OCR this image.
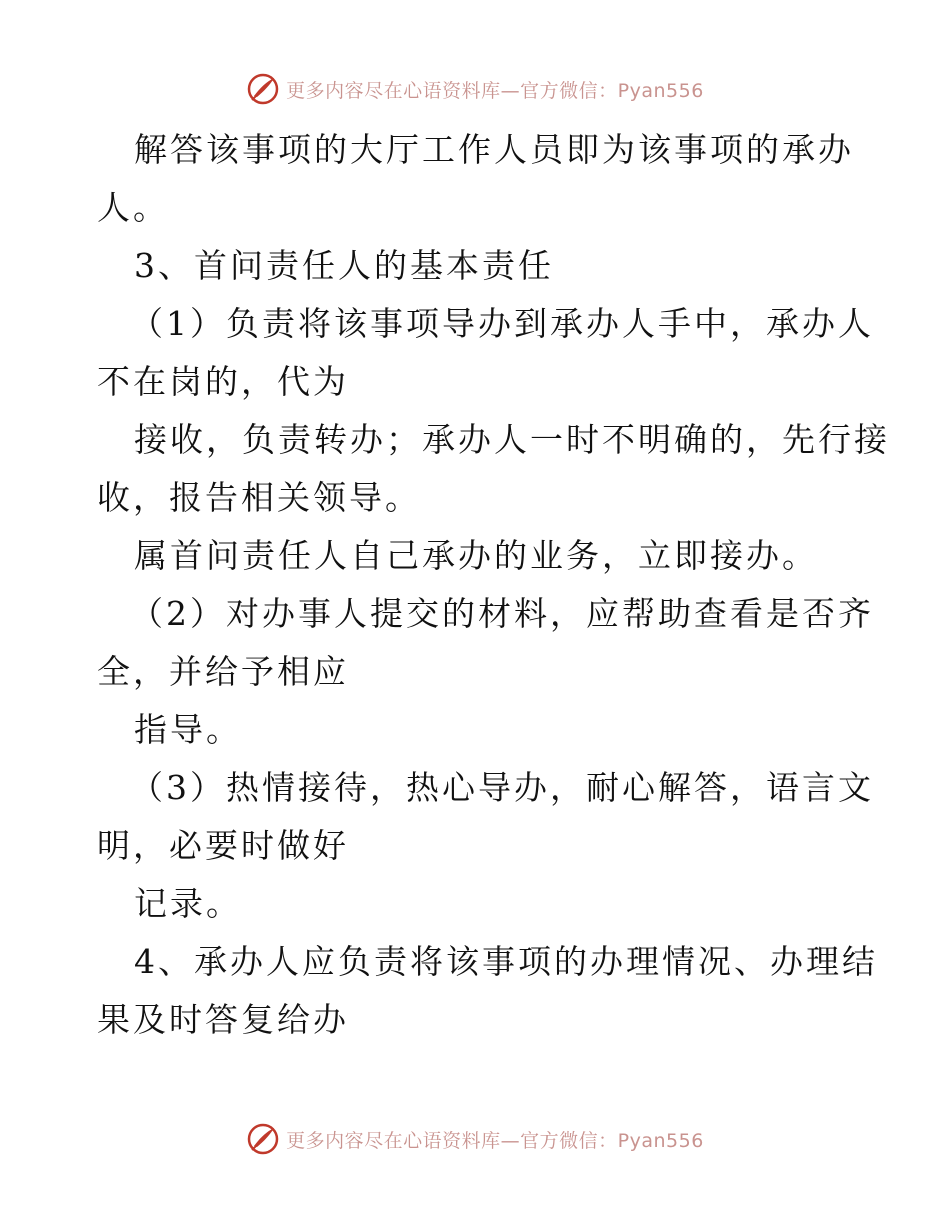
更多内容尽在心语资料库—官方微信：Pyan556
解答该事项的大厅工作人员即为该事项的承办
人。
3、首问责任人的基本责任
（1）负责将该事项导办到承办人手中，承办人
不在岗的，代为
接收，负责转办；承办人一时不明确的，先行接
收，报告相关领导。
属首问责任人自己承办的业务，立即接办。
（2）对办事人提交的材料，应帮助查看是否齐
全，并给予相应
指导。
（3）热情接待，热心导办，耐心解答，语言文
明，必要时做好
记录。
4、承办人应负责将该事项的办理情况、办理结
果及时答复给办
更多内容尽在心语资料库—官方微信：Pyan556
